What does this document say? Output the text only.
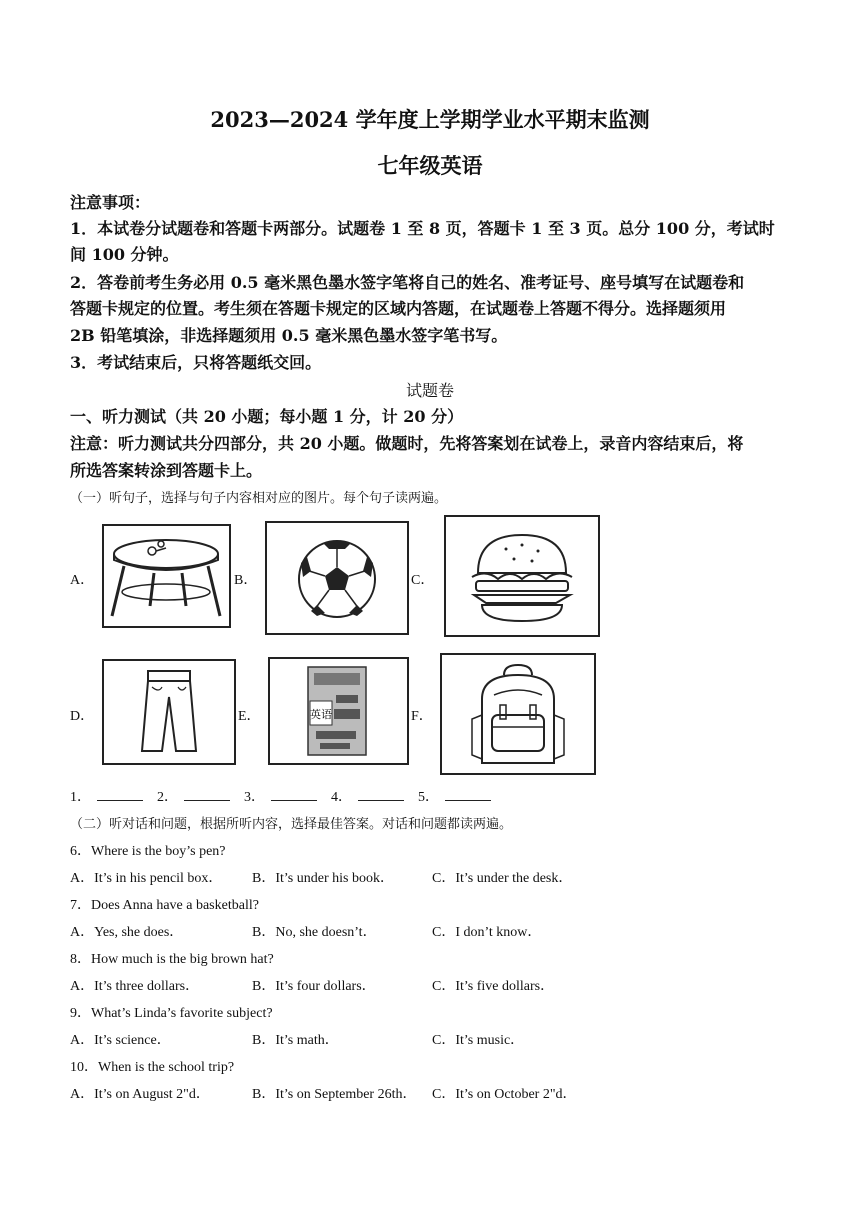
2023—2024 学年度上学期学业水平期末监测
七年级英语
注意事项：
1．本试卷分试题卷和答题卡两部分。试题卷 1 至 8 页，答题卡 1 至 3 页。总分 100 分，考试时
间 100 分钟。
2．答卷前考生务必用 0.5 毫米黑色墨水签字笔将自己的姓名、准考证号、座号填写在试题卷和
答题卡规定的位置。考生须在答题卡规定的区域内答题，在试题卷上答题不得分。选择题须用
2B 铅笔填涂，非选择题须用 0.5 毫米黑色墨水签字笔书写。
3．考试结束后，只将答题纸交回。
试题卷
一、听力测试（共 20 小题；每小题 1 分，计 20 分）
注意：听力测试共分四部分，共 20 小题。做题时，先将答案划在试卷上，录音内容结束后，将
所选答案转涂到答题卡上。
（一）听句子，选择与句子内容相对应的图片。每个句子读两遍。
A．	B．	C．
D．	E．	F．
英语
1．	2．	3．	4．	5．
（二）听对话和问题，根据所听内容，选择最佳答案。对话和问题都读两遍。
6．Where is the boy’s pen?
A．It’s in his pencil box． B．It’s under his book．	C．It’s under the desk．
7．Does Anna have a basketball?
A．Yes, she does．	B．No, she doesn’t．	C．I don’t know．
8．How much is the big brown hat?
A．It’s three dollars．	B．It’s four dollars．	C．It’s five dollars．
9．What’s Linda’s favorite subject?
A．It’s science．	B．It’s math．	C．It’s music．
10．When is the school trip?
A．It’s on August 2"d．	B．It’s on September 26th． C．It’s on October 2"d．
